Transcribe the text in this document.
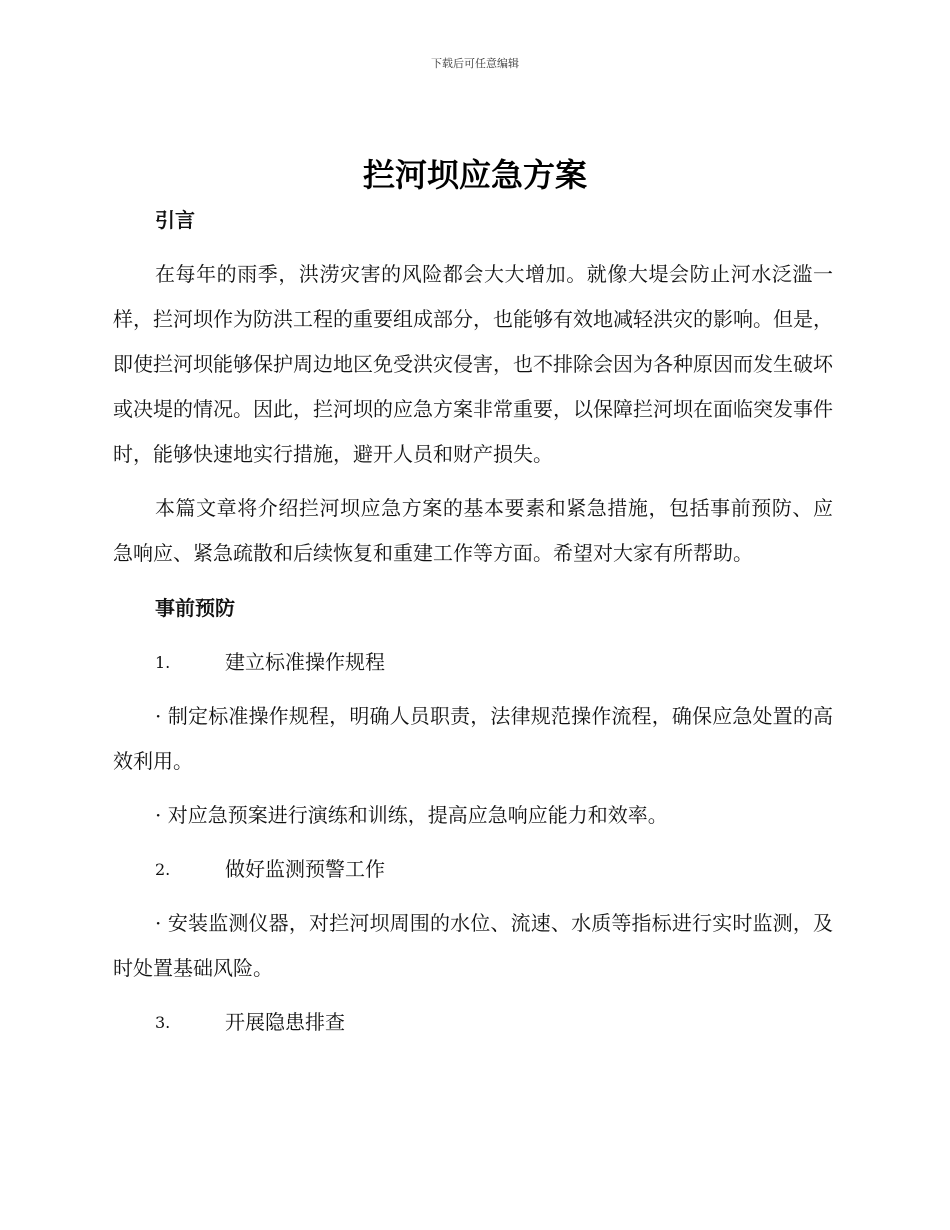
下载后可任意编辑
拦河坝应急方案
引言

在每年的雨季，洪涝灾害的风险都会大大增加。就像大堤会防止河水泛滥一样，拦河坝作为防洪工程的重要组成部分，也能够有效地减轻洪灾的影响。但是，即使拦河坝能够保护周边地区免受洪灾侵害，也不排除会因为各种原因而发生破坏或决堤的情况。因此，拦河坝的应急方案非常重要，以保障拦河坝在面临突发事件时，能够快速地实行措施，避开人员和财产损失。

本篇文章将介绍拦河坝应急方案的基本要素和紧急措施，包括事前预防、应急响应、紧急疏散和后续恢复和重建工作等方面。希望对大家有所帮助。

事前预防
1.	建立标准操作规程

· 制定标准操作规程，明确人员职责，法律规范操作流程，确保应急处置的高效利用。

· 对应急预案进行演练和训练，提高应急响应能力和效率。

2.	做好监测预警工作

· 安装监测仪器，对拦河坝周围的水位、流速、水质等指标进行实时监测，及时处置基础风险。

3.	开展隐患排查
